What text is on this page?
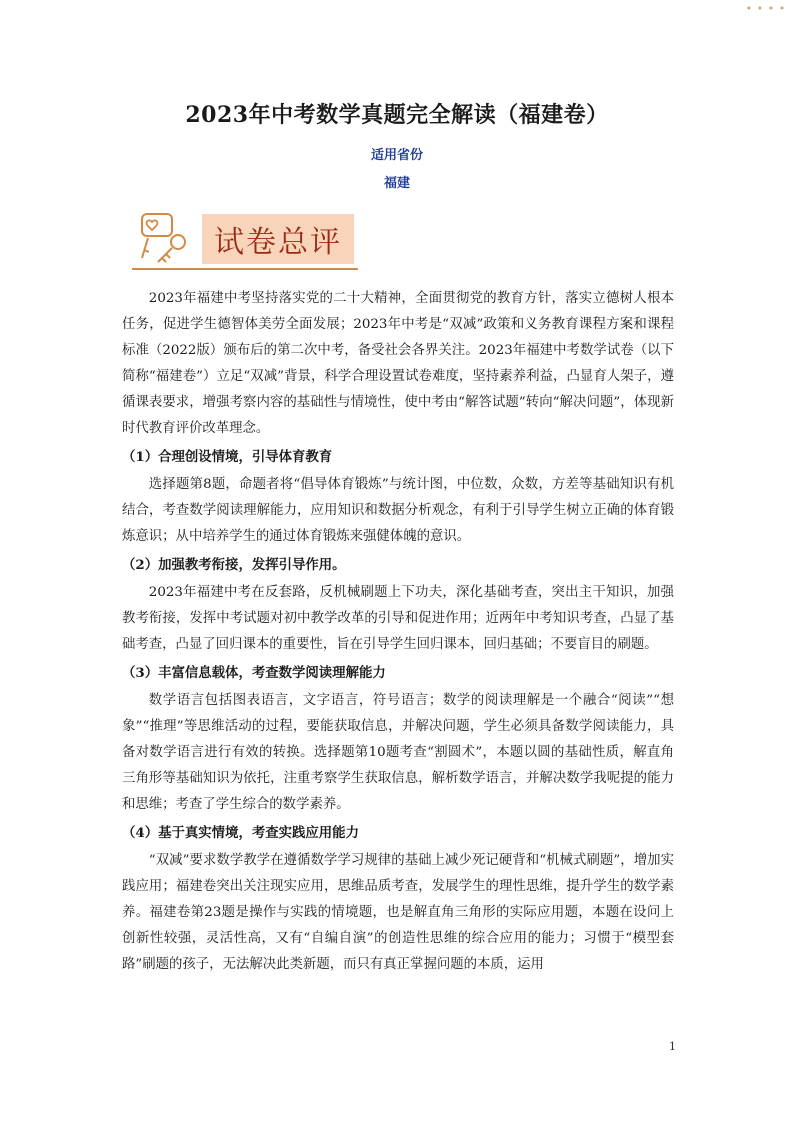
• • • •
2023年中考数学真题完全解读（福建卷）
适用省份
福建
试卷总评

2023年福建中考坚持落实党的二十大精神，全面贯彻党的教育方针，落实立德树人根本任务，促进学生德智体美劳全面发展；2023年中考是“双减”政策和义务教育课程方案和课程标准（2022版）颁布后的第二次中考，备受社会各界关注。2023年福建中考数学试卷（以下简称“福建卷”）立足“双减”背景，科学合理设置试卷难度，坚持素养利益，凸显育人架子，遵循课表要求，增强考察内容的基础性与情境性，使中考由“解答试题”转向“解决问题”，体现新时代教育评价改革理念。

（1）合理创设情境，引导体育教育

选择题第8题，命题者将“倡导体育锻炼”与统计图，中位数，众数，方差等基础知识有机结合，考查数学阅读理解能力，应用知识和数据分析观念，有利于引导学生树立正确的体育锻炼意识；从中培养学生的通过体育锻炼来强健体魄的意识。

（2）加强教考衔接，发挥引导作用。

2023年福建中考在反套路，反机械刷题上下功夫，深化基础考查，突出主干知识，加强教考衔接，发挥中考试题对初中教学改革的引导和促进作用；近两年中考知识考查，凸显了基础考查，凸显了回归课本的重要性，旨在引导学生回归课本，回归基础；不要盲目的刷题。

（3）丰富信息载体，考查数学阅读理解能力

数学语言包括图表语言，文字语言，符号语言；数学的阅读理解是一个融合“阅读”“想象”“推理”等思维活动的过程，要能获取信息，并解决问题，学生必须具备数学阅读能力，具备对数学语言进行有效的转换。选择题第10题考查“割圆术”，本题以圆的基础性质，解直角三角形等基础知识为依托，注重考察学生获取信息，解析数学语言，并解决数学我呢提的能力和思维；考查了学生综合的数学素养。

（4）基于真实情境，考查实践应用能力

“双减”要求数学教学在遵循数学学习规律的基础上减少死记硬背和“机械式刷题”，增加实践应用；福建卷突出关注现实应用，思维品质考查，发展学生的理性思维，提升学生的数学素养。福建卷第23题是操作与实践的情境题，也是解直角三角形的实际应用题，本题在设问上创新性较强，灵活性高，又有“自编自演”的创造性思维的综合应用的能力；习惯于“模型套路”刷题的孩子，无法解决此类新题，而只有真正掌握问题的本质，运用

1
